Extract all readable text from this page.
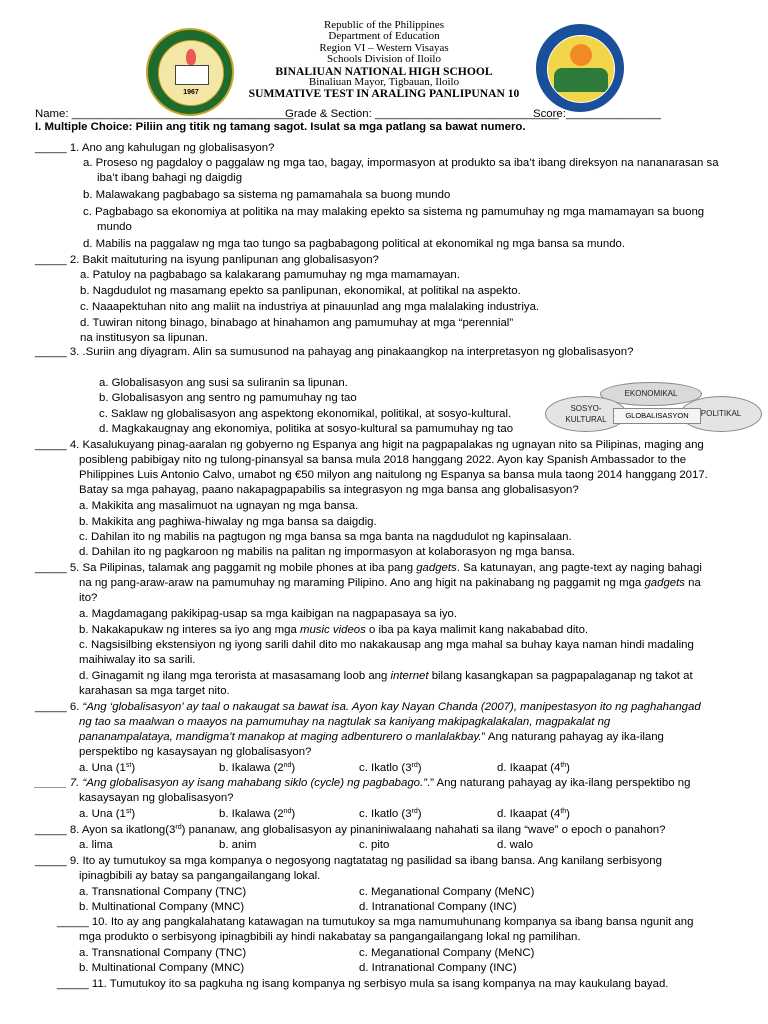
Republic of the Philippines
Department of Education
Region VI – Western Visayas
Schools Division of Iloilo
BINALIUAN NATIONAL HIGH SCHOOL
Binaliuan Mayor, Tigbauan, Iloilo
SUMMATIVE TEST IN ARALING PANLIPUNAN 10
1967
Name: ___________________________________
Grade & Section: _____________________________
Score:_______________
I. Multiple Choice: Piliin ang titik ng tamang sagot. Isulat sa mga patlang sa bawat numero.
_____ 1. Ano ang kahulugan ng globalisasyon?
a. Proseso ng pagdaloy o paggalaw ng mga tao, bagay, impormasyon at produkto sa iba’t ibang direksyon na nananarasan sa
iba’t ibang bahagi ng daigdig
b. Malawakang pagbabago sa sistema ng pamamahala sa buong mundo
c. Pagbabago sa ekonomiya at politika na may malaking epekto sa sistema ng pamumuhay ng mga mamamayan sa buong
mundo
d. Mabilis na paggalaw ng mga tao tungo sa pagbabagong political at ekonomikal ng mga bansa sa mundo.
_____ 2. Bakit maituturing na isyung panlipunan ang globalisasyon?
a. Patuloy na pagbabago sa kalakarang pamumuhay ng mga mamamayan.
b. Nagdudulot ng masamang epekto sa panlipunan, ekonomikal, at politikal na aspekto.
c. Naaapektuhan nito ang maliit na industriya at pinauunlad ang mga malalaking industriya.
d. Tuwiran nitong binago, binabago at hinahamon ang pamumuhay at mga “perennial”
na institusyon sa lipunan.
_____ 3. .Suriin ang diyagram. Alin sa sumusunod na pahayag ang pinakaangkop na interpretasyon ng globalisasyon?
a. Globalisasyon ang susi sa suliranin sa lipunan.
b. Globalisasyon ang sentro ng pamumuhay ng tao
c. Saklaw ng globalisasyon ang aspektong ekonomikal, politikal, at sosyo-kultural.
d. Magkakaugnay ang ekonomiya, politika at sosyo-kultural sa pamumuhay ng tao
EKONOMIKAL
SOSYO-
KULTURAL
POLITIKAL
GLOBALISASYON
_____ 4. Kasalukuyang pinag-aaralan ng gobyerno ng Espanya ang higit na pagpapalakas ng ugnayan nito sa Pilipinas, maging ang
posibleng pabibigay nito ng tulong-pinansyal sa bansa mula 2018 hanggang 2022. Ayon kay Spanish Ambassador to the
Philippines Luis Antonio Calvo, umabot ng €50 milyon ang naitulong ng Espanya sa bansa mula taong 2014 hanggang 2017.
Batay sa mga pahayag, paano nakapagpapabilis sa integrasyon ng mga bansa ang globalisasyon?
a. Makikita ang masalimuot na ugnayan ng mga bansa.
b. Makikita ang paghiwa-hiwalay ng mga bansa sa daigdig.
c. Dahilan ito ng mabilis na pagtugon ng mga bansa sa mga banta na nagdudulot ng kapinsalaan.
d. Dahilan ito ng pagkaroon ng mabilis na palitan ng impormasyon at kolaborasyon ng mga bansa.
_____ 5. Sa Pilipinas, talamak ang paggamit ng mobile phones at iba pang gadgets. Sa katunayan, ang pagte-text ay naging bahagi
na ng pang-araw-araw na pamumuhay ng maraming Pilipino. Ano ang higit na pakinabang ng paggamit ng mga gadgets na
ito?
a. Magdamagang pakikipag-usap sa mga kaibigan na nagpapasaya sa iyo.
b. Nakakapukaw ng interes sa iyo ang mga music videos o iba pa kaya malimit kang nakababad dito.
c. Nagsisilbing ekstensiyon ng iyong sarili dahil dito mo nakakausap ang mga mahal sa buhay kaya naman hindi madaling
maihiwalay ito sa sarili.
d. Ginagamit ng ilang mga terorista at masasamang loob ang internet bilang kasangkapan sa pagpapalaganap ng takot at
karahasan sa mga target nito.
_____ 6. “Ang ‘globalisasyon’ ay taal o nakaugat sa bawat isa. Ayon kay Nayan Chanda (2007), manipestasyon ito ng paghahangad
ng tao sa maalwan o maayos na pamumuhay na nagtulak sa kaniyang makipagkalakalan, magpakalat ng
pananampalataya, mandigma’t manakop at maging adbenturero o manlalakbay.” Ang naturang pahayag ay ika-ilang
perspektibo ng kasaysayan ng globalisasyon?
a. Una (1st)	b. Ikalawa (2nd)	c. Ikatlo (3rd)	d. Ikaapat (4th)
_____ 7. “Ang globalisasyon ay isang mahabang siklo (cycle) ng pagbabago.”.” Ang naturang pahayag ay ika-ilang perspektibo ng
kasaysayan ng globalisasyon?
a. Una (1st)	b. Ikalawa (2nd)	c. Ikatlo (3rd)	d. Ikaapat (4th)
_____ 8. Ayon sa ikatlong(3rd) pananaw, ang globalisasyon ay pinaniniwalaang nahahati sa ilang “wave” o epoch o panahon?
a. lima	b. anim	c. pito	d. walo
_____ 9. Ito ay tumutukoy sa mga kompanya o negosyong nagtatatag ng pasilidad sa ibang bansa. Ang kanilang serbisyong
ipinagbibili ay batay sa pangangailangang lokal.
a. Transnational Company (TNC)	c. Meganational Company (MeNC)
b. Multinational Company (MNC)	d. Intranational Company (INC)
_____ 10. Ito ay ang pangkalahatang katawagan na tumutukoy sa mga namumuhunang kompanya sa ibang bansa ngunit ang
mga produkto o serbisyong ipinagbibili ay hindi nakabatay sa pangangailangang lokal ng pamilihan.
a. Transnational Company (TNC)	c. Meganational Company (MeNC)
b. Multinational Company (MNC)	d. Intranational Company (INC)
_____ 11. Tumutukoy ito sa pagkuha ng isang kompanya ng serbisyo mula sa isang kompanya na may kaukulang bayad.
